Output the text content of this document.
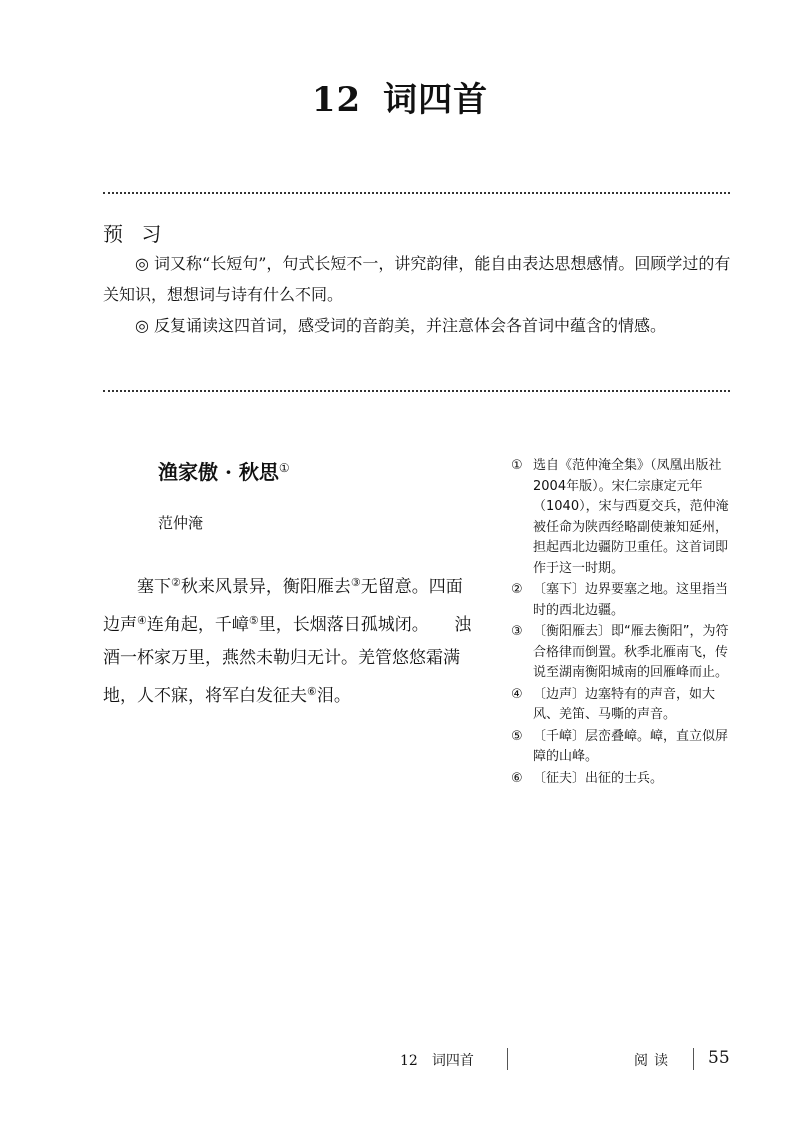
12 词四首
预 习

◎ 词又称“长短句”，句式长短不一，讲究韵律，能自由表达思想感情。回顾学过的有关知识，想想词与诗有什么不同。

◎ 反复诵读这四首词，感受词的音韵美，并注意体会各首词中蕴含的情感。

渔家傲 · 秋思①
范仲淹

塞下②秋来风景异，衡阳雁去③无留意。四面边声④连角起，千嶂⑤里，长烟落日孤城闭。　　浊酒一杯家万里，燕然未勒归无计。羌管悠悠霜满地，人不寐，将军白发征夫⑥泪。

① 选自《范仲淹全集》（凤凰出版社2004年版）。宋仁宗康定元年（1040），宋与西夏交兵，范仲淹被任命为陕西经略副使兼知延州，担起西北边疆防卫重任。这首词即作于这一时期。
② 〔塞下〕边界要塞之地。这里指当时的西北边疆。
③ 〔衡阳雁去〕即“雁去衡阳”，为符合格律而倒置。秋季北雁南飞，传说至湖南衡阳城南的回雁峰而止。
④ 〔边声〕边塞特有的声音，如大风、羌笛、马嘶的声音。
⑤ 〔千嶂〕层峦叠嶂。嶂，直立似屏障的山峰。
⑥ 〔征夫〕出征的士兵。
12　词四首	阅读 55
